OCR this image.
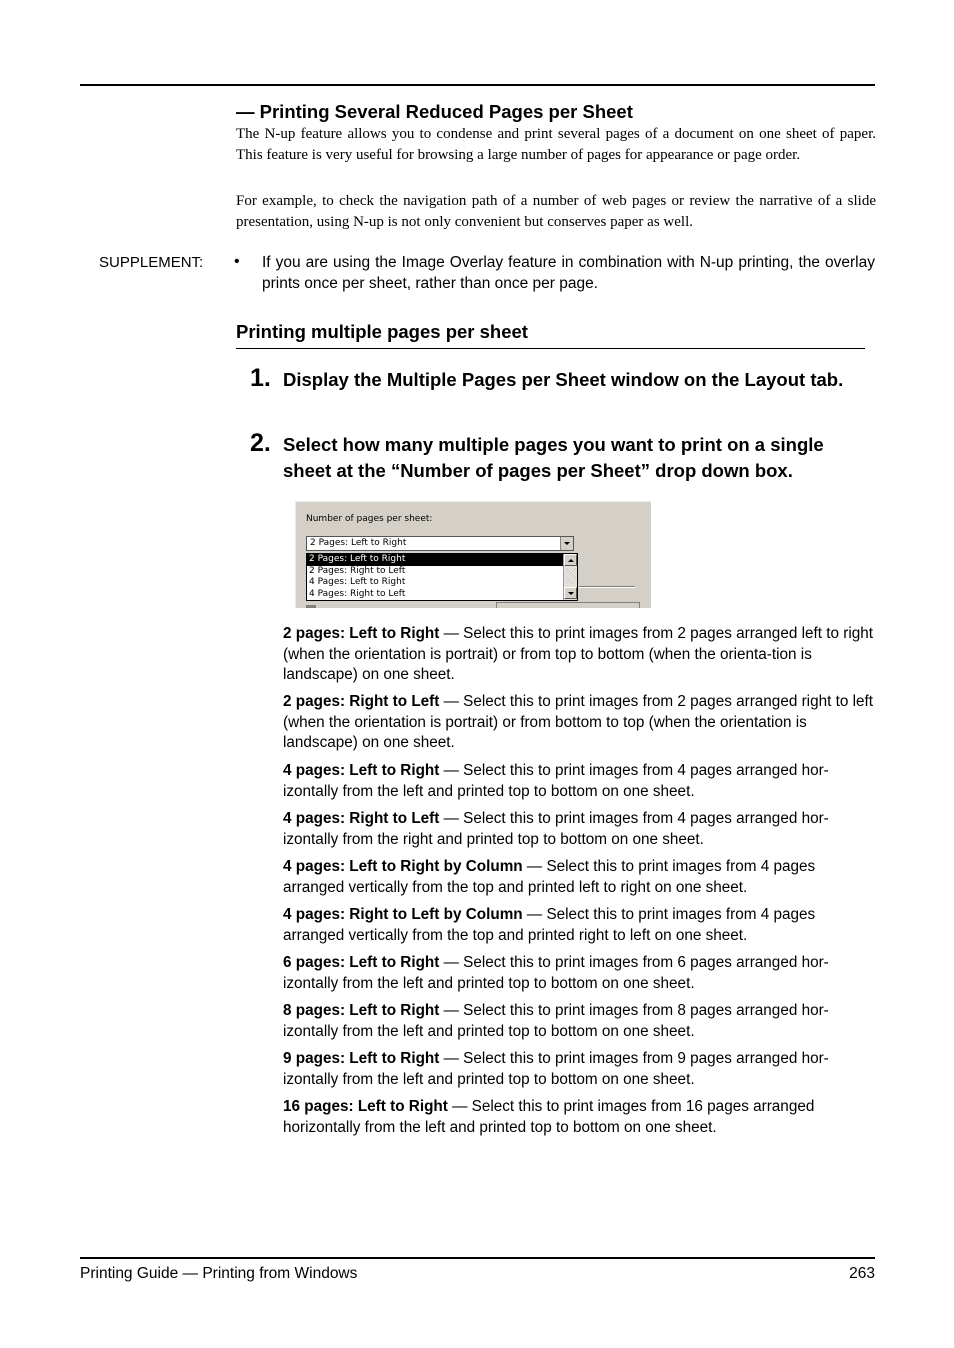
— Printing Several Reduced Pages per Sheet
The N-up feature allows you to condense and print several pages of a document on one sheet of paper. This feature is very useful for browsing a large number of pages for appearance or page order.
For example, to check the navigation path of a number of web pages or review the narrative of a slide presentation, using N-up is not only convenient but conserves paper as well.
SUPPLEMENT: • If you are using the Image Overlay feature in combination with N-up printing, the overlay prints once per sheet, rather than once per page.
Printing multiple pages per sheet
1. Display the Multiple Pages per Sheet window on the Layout tab.
2. Select how many multiple pages you want to print on a single sheet at the “Number of pages per Sheet” drop down box.
Number of pages per sheet:
2 Pages: Left to Right
2 Pages: Left to Right
2 Pages: Right to Left
4 Pages: Left to Right
4 Pages: Right to Left
2 pages: Left to Right — Select this to print images from 2 pages arranged left to right (when the orientation is portrait) or from top to bottom (when the orienta-tion is landscape) on one sheet.
2 pages: Right to Left — Select this to print images from 2 pages arranged right to left (when the orientation is portrait) or from bottom to top (when the orientation is landscape) on one sheet.
4 pages: Left to Right — Select this to print images from 4 pages arranged hor-izontally from the left and printed top to bottom on one sheet.
4 pages: Right to Left — Select this to print images from 4 pages arranged hor-izontally from the right and printed top to bottom on one sheet.
4 pages: Left to Right by Column — Select this to print images from 4 pages arranged vertically from the top and printed left to right on one sheet.
4 pages: Right to Left by Column — Select this to print images from 4 pages arranged vertically from the top and printed right to left on one sheet.
6 pages: Left to Right — Select this to print images from 6 pages arranged hor-izontally from the left and printed top to bottom on one sheet.
8 pages: Left to Right — Select this to print images from 8 pages arranged hor-izontally from the left and printed top to bottom on one sheet.
9 pages: Left to Right — Select this to print images from 9 pages arranged hor-izontally from the left and printed top to bottom on one sheet.
16 pages: Left to Right — Select this to print images from 16 pages arranged horizontally from the left and printed top to bottom on one sheet.
Printing Guide — Printing from Windows	263
